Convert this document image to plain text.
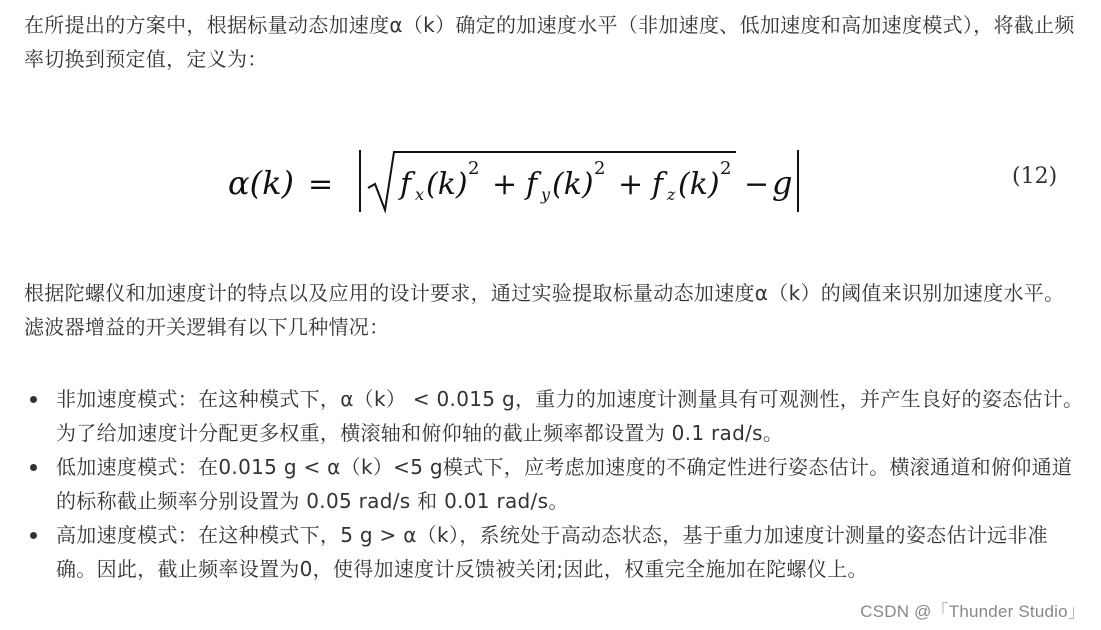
在所提出的方案中，根据标量动态加速度α（k）确定的加速度水平（非加速度、低加速度和高加速度模式），将截止频率切换到预定值，定义为：

α(k) = f x (k) 2 + f y (k) 2 + f z (k) 2 − g	(12)

根据陀螺仪和加速度计的特点以及应用的设计要求，通过实验提取标量动态加速度α（k）的阈值来识别加速度水平。滤波器增益的开关逻辑有以下几种情况：

非加速度模式：在这种模式下，α（k） < 0.015 g，重力的加速度计测量具有可观测性，并产生良好的姿态估计。为了给加速度计分配更多权重，横滚轴和俯仰轴的截止频率都设置为 0.1 rad/s。
低加速度模式：在0.015 g < α（k）<5 g模式下，应考虑加速度的不确定性进行姿态估计。横滚通道和俯仰通道的标称截止频率分别设置为 0.05 rad/s 和 0.01 rad/s。
高加速度模式：在这种模式下，5 g > α（k），系统处于高动态状态，基于重力加速度计测量的姿态估计远非准确。因此，截止频率设置为0，使得加速度计反馈被关闭;因此，权重完全施加在陀螺仪上。
CSDN @「Thunder Studio」
